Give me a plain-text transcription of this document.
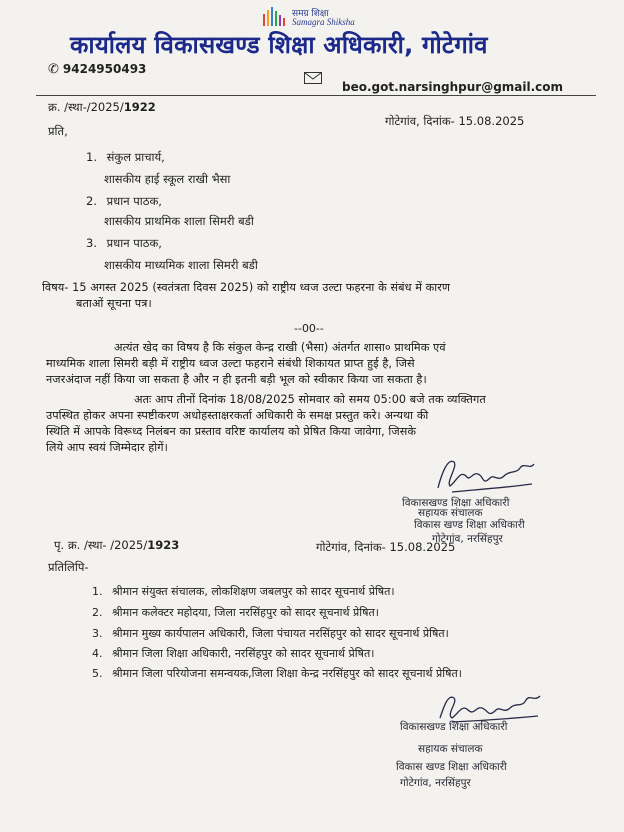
समग्र शिक्षा
Samagra Shiksha
कार्यालय विकासखण्ड शिक्षा अधिकारी, गोटेगांव
✆ 9424950493
beo.got.narsinghpur@gmail.com
क्र. /स्था-/2025/1922
गोटेगांव, दिनांक- 15.08.2025
प्रति,
1. संकुल प्राचार्य,
शासकीय हाई स्कूल राखी भैसा
2. प्रधान पाठक,
शासकीय प्राथमिक शाला सिमरी बडी
3. प्रधान पाठक,
शासकीय माध्यमिक शाला सिमरी बडी
विषय- 15 अगस्त 2025 (स्वतंत्रता दिवस 2025) को राष्ट्रीय ध्वज उल्टा फहरना के संबंध में कारण
बताओं सूचना पत्र।
--00--
अत्यंत खेद का विषय है कि संकुल केन्द्र राखी (भैसा) अंतर्गत शासा० प्राथमिक एवं
माध्यमिक शाला सिमरी बड़ी में राष्ट्रीय ध्वज उल्टा फहराने संबंधी शिकायत प्राप्त हुई है, जिसे
नजरअंदाज नहीं किया जा सकता है और न ही इतनी बड़ी भूल को स्वीकार किया जा सकता है।
अतः आप तीनों दिनांक 18/08/2025 सोमवार को समय 05:00 बजे तक व्यक्तिगत
उपस्थित होकर अपना स्पष्टीकरण अधोहस्ताक्षरकर्ता अधिकारी के समक्ष प्रस्तुत करे। अन्यथा की
स्थिति में आपके विरूध्द निलंबन का प्रस्ताव वरिष्ट कार्यालय को प्रेषित किया जावेगा, जिसके
लिये आप स्वयं जिम्मेदार होगें।
विकासखण्ड शिक्षा अधिकारी
सहायक संचालक
विकास खण्ड शिक्षा अधिकारी
गोटेगांव, नरसिंहपुर
पृ. क्र. /स्था- /2025/1923	गोटेगांव, दिनांक- 15.08.2025
प्रतिलिपि-
1. श्रीमान संयुक्त संचालक, लोकशिक्षण जबलपुर को सादर सूचनार्थ प्रेषित।
2. श्रीमान कलेक्टर महोदया, जिला नरसिंहपुर को सादर सूचनार्थ प्रेषित।
3. श्रीमान मुख्य कार्यपालन अधिकारी, जिला पंचायत नरसिंहपुर को सादर सूचनार्थ प्रेषित।
4. श्रीमान जिला शिक्षा अधिकारी, नरसिंहपुर को सादर सूचनार्थ प्रेषित।
5. श्रीमान जिला परियोजना समन्वयक,जिला शिक्षा केन्द्र नरसिंहपुर को सादर सूचनार्थ प्रेषित।
विकासखण्ड शिक्षा अधिकारी
सहायक संचालक
विकास खण्ड शिक्षा अधिकारी
गोटेगांव, नरसिंहपुर
